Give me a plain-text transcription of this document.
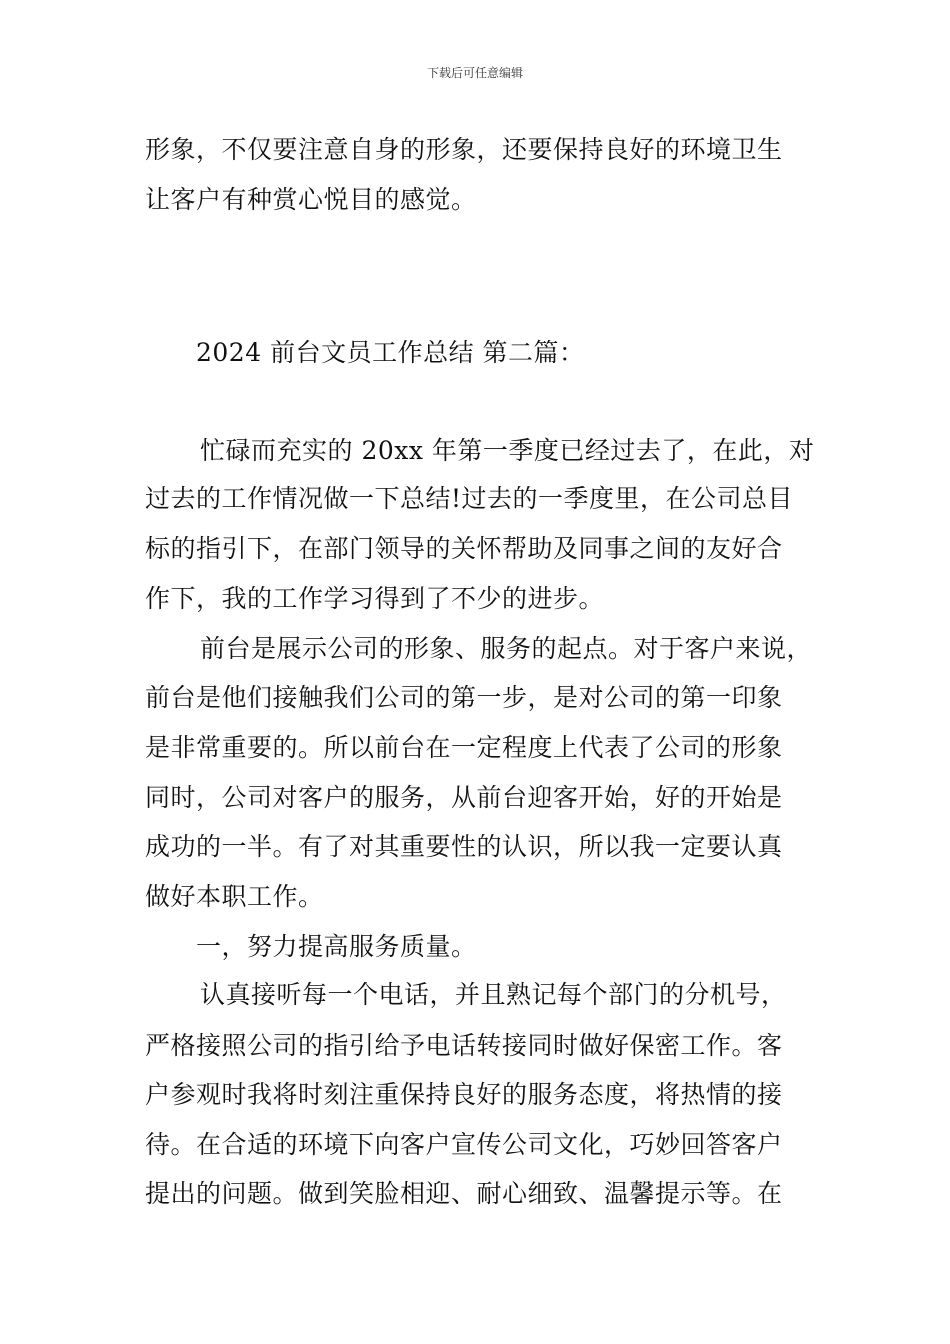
下载后可任意编辑
形象，不仅要注意自身的形象，还要保持良好的环境卫生
让客户有种赏心悦目的感觉。
2024 前台文员工作总结 第二篇：
忙碌而充实的 20xx 年第一季度已经过去了，在此，对
过去的工作情况做一下总结!过去的一季度里，在公司总目
标的指引下，在部门领导的关怀帮助及同事之间的友好合
作下，我的工作学习得到了不少的进步。
前台是展示公司的形象、服务的起点。对于客户来说，
前台是他们接触我们公司的第一步，是对公司的第一印象
是非常重要的。所以前台在一定程度上代表了公司的形象
同时，公司对客户的服务，从前台迎客开始，好的开始是
成功的一半。有了对其重要性的认识，所以我一定要认真
做好本职工作。
一，努力提高服务质量。
认真接听每一个电话，并且熟记每个部门的分机号，
严格接照公司的指引给予电话转接同时做好保密工作。客
户参观时我将时刻注重保持良好的服务态度，将热情的接
待。在合适的环境下向客户宣传公司文化，巧妙回答客户
提出的问题。做到笑脸相迎、耐心细致、温馨提示等。在
